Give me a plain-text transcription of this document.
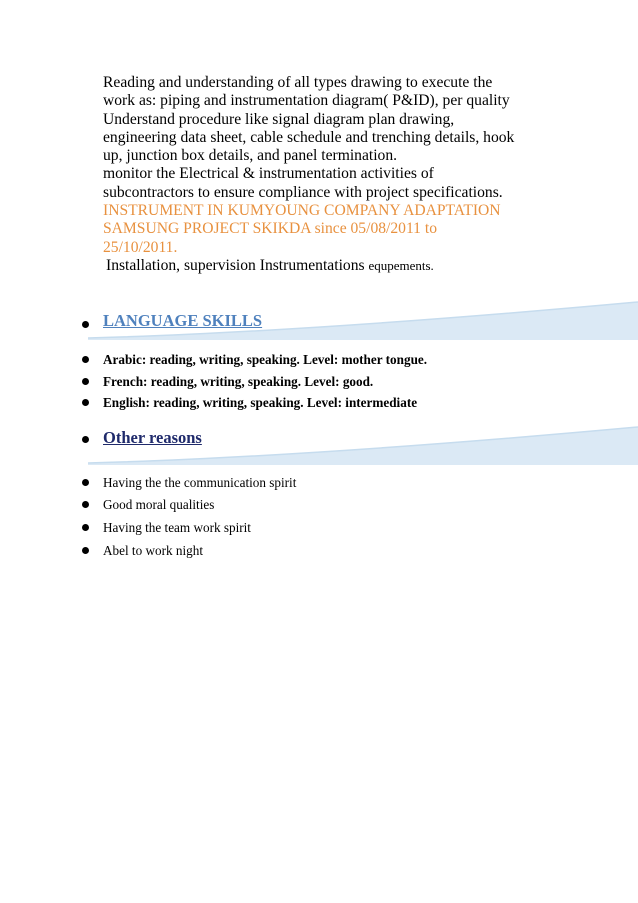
Reading and understanding of all types drawing to execute the
work as: piping and instrumentation diagram( P&ID), per quality
Understand procedure like signal diagram plan drawing,
engineering data sheet, cable schedule and trenching details, hook
up, junction box details, and panel termination.
monitor the Electrical & instrumentation activities of
subcontractors to ensure compliance with project specifications.
INSTRUMENT IN KUMYOUNG COMPANY ADAPTATION
SAMSUNG PROJECT SKIKDA since 05/08/2011 to
25/10/2011.
Installation, supervision Instrumentations equpements.
LANGUAGE SKILLS
Arabic: reading, writing, speaking. Level: mother tongue.
French: reading, writing, speaking. Level: good.
English: reading, writing, speaking. Level: intermediate
Other reasons
Having the the communication spirit
Good moral qualities
Having the team work spirit
Abel to work night
